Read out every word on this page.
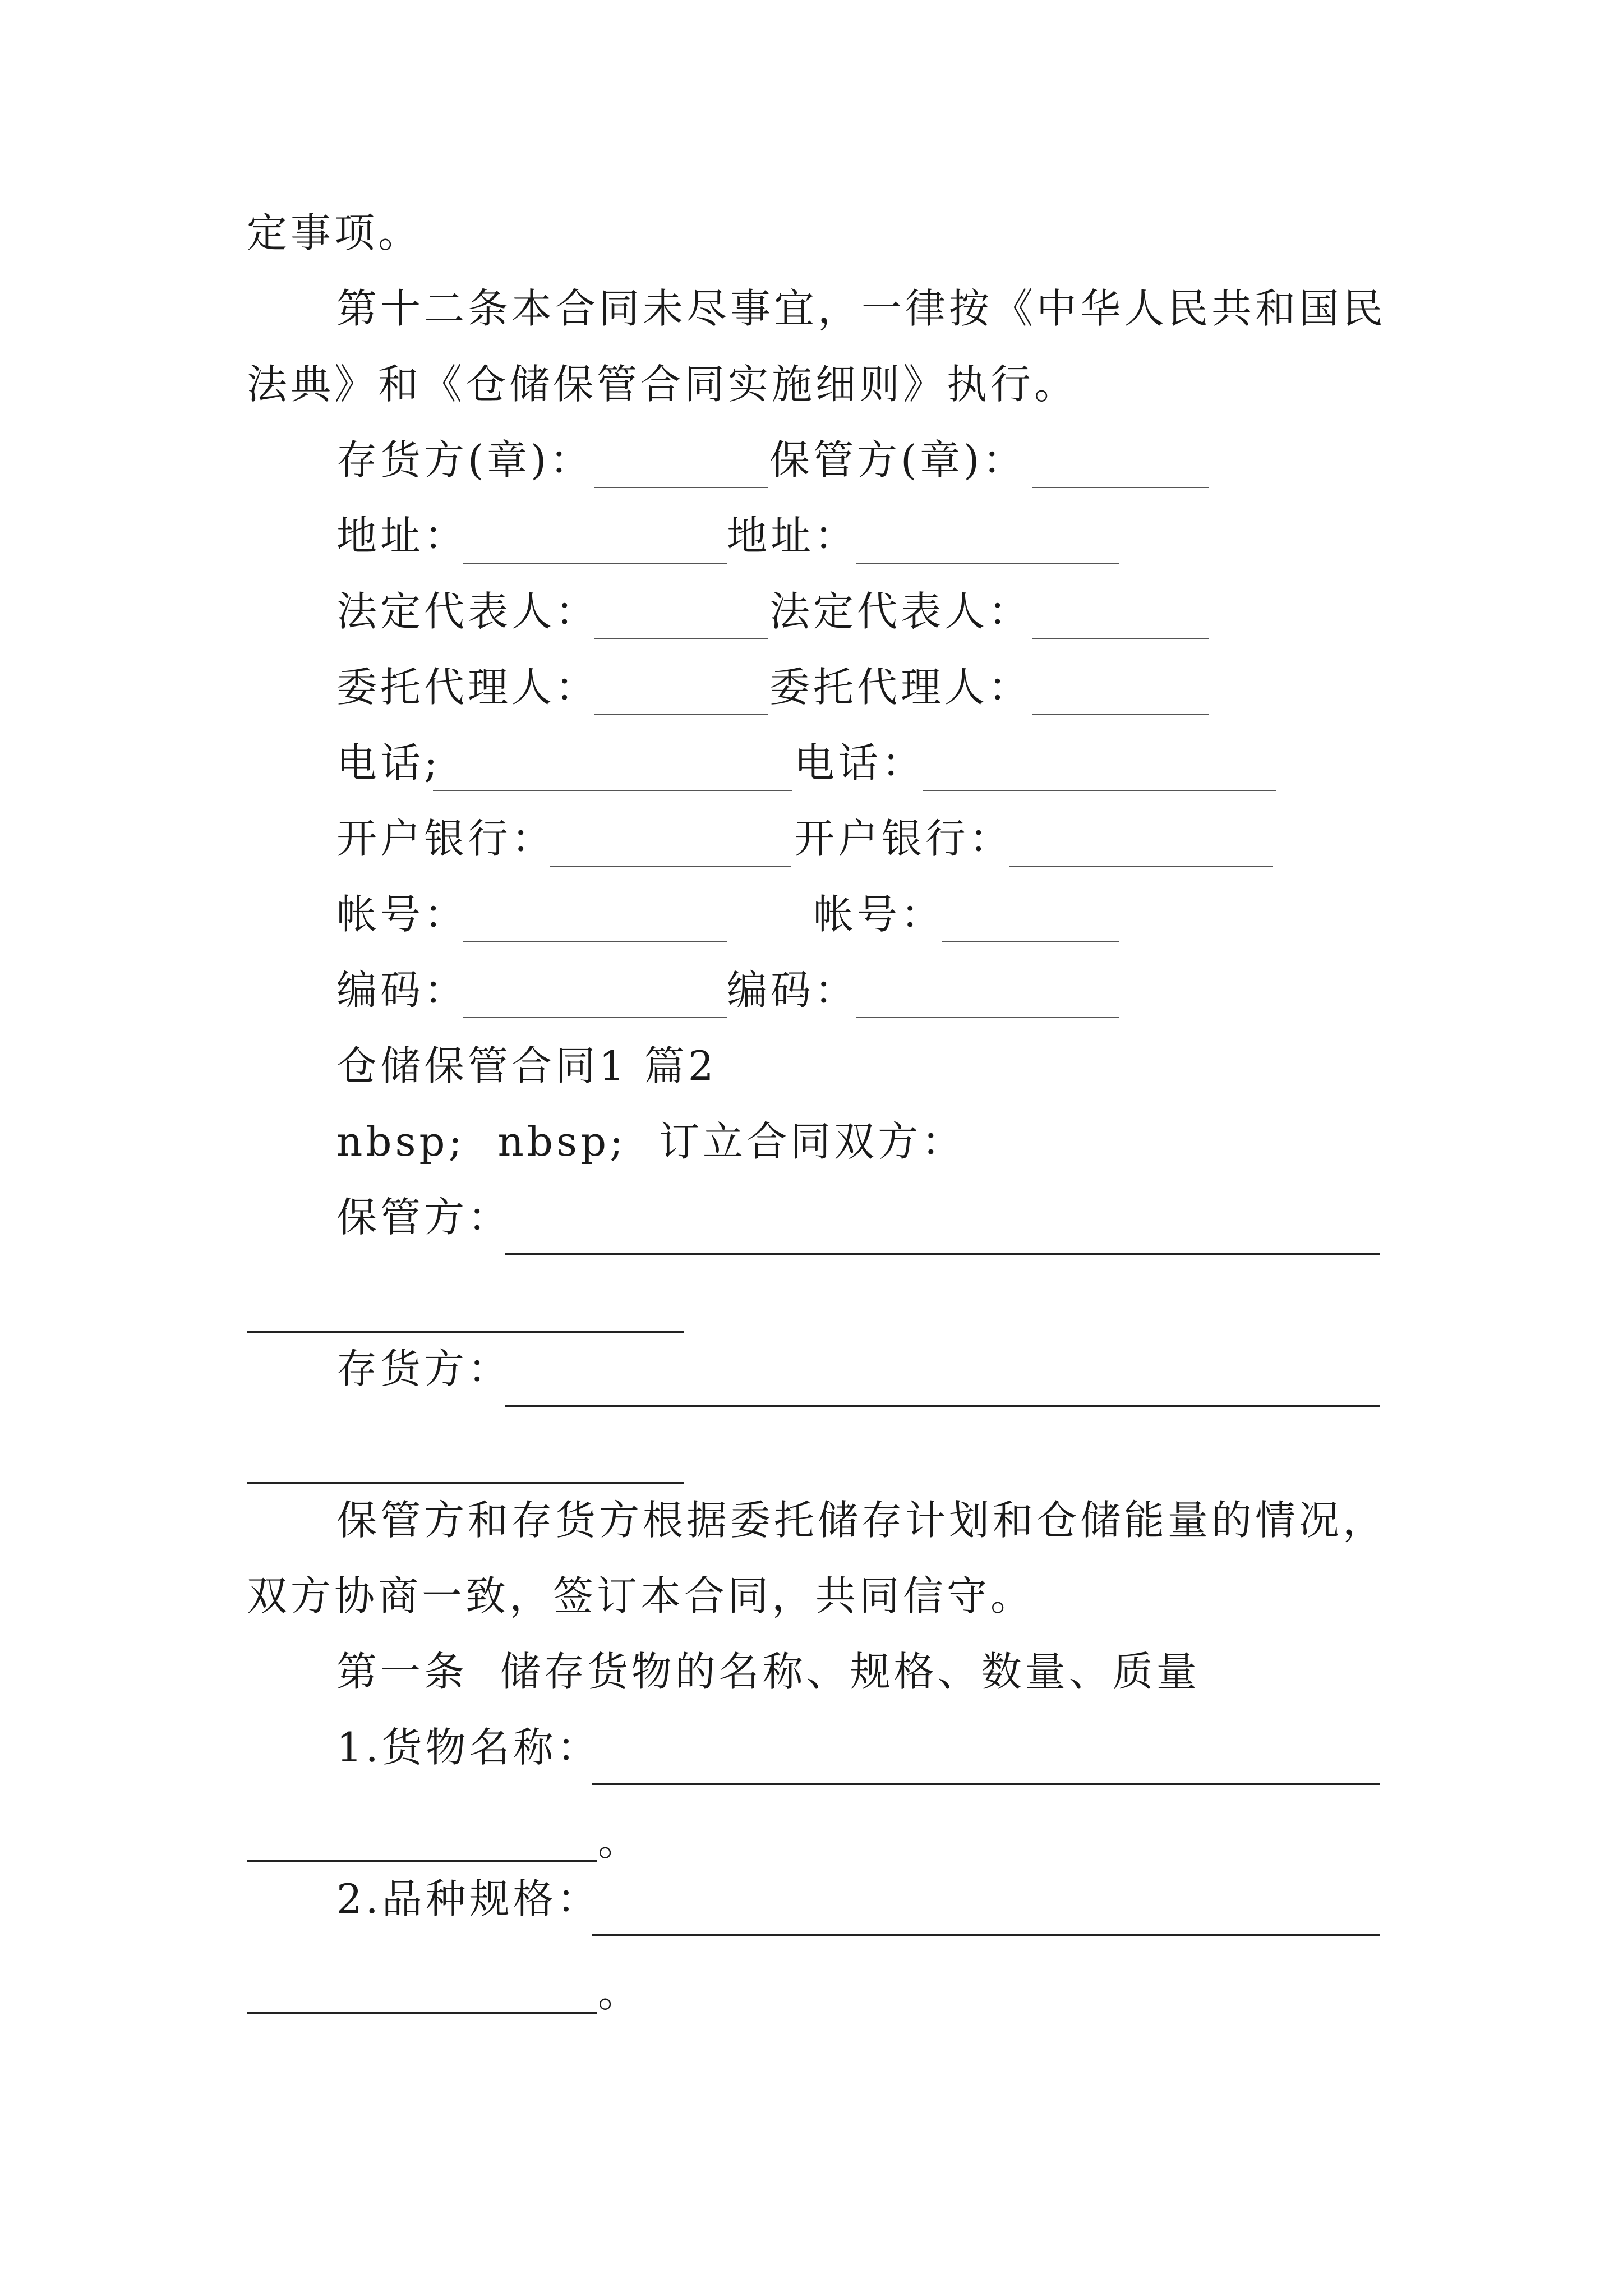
定事项。
第十二条本合同未尽事宜，一律按《中华人民共和国民
法典》和《仓储保管合同实施细则》执行。
存货方(章)：	保管方(章)：
地址：	地址：
法定代表人：	法定代表人：
委托代理人：	委托代理人：
电话;	电话：
开户银行：	开户银行：
帐号：	帐号：
编码：	编码：
仓储保管合同1 篇2
nbsp;  nbsp;  订立合同双方：
保管方：
存货方：
保管方和存货方根据委托储存计划和仓储能量的情况，
双方协商一致，签订本合同，共同信守。
第一条  储存货物的名称、规格、数量、质量
1.货物名称：
。
2.品种规格：
。
